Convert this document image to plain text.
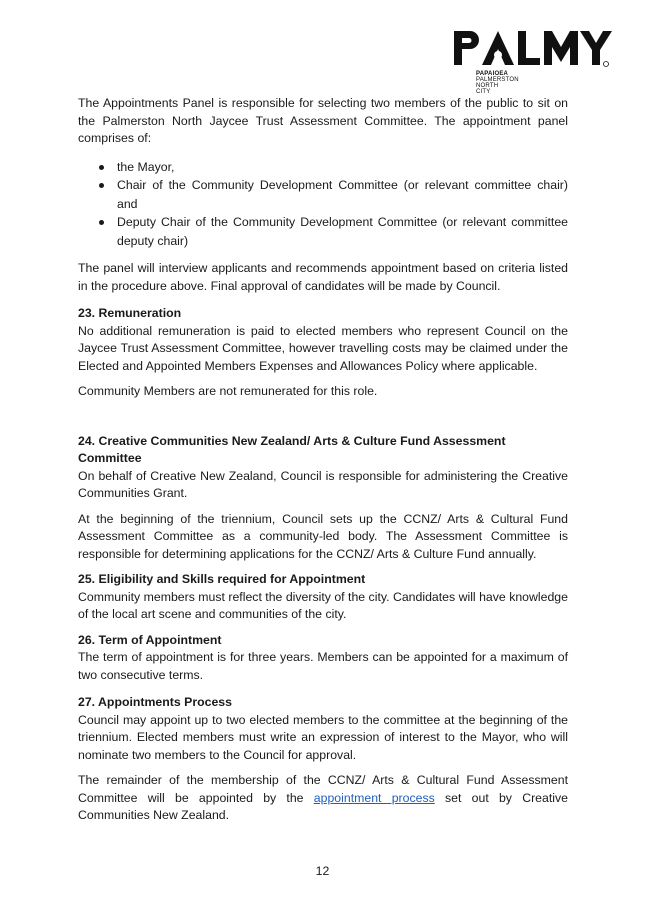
PAPAIOEA
PALMERSTON
NORTH
CITY

The Appointments Panel is responsible for selecting two members of the public to sit on the Palmerston North Jaycee Trust Assessment Committee. The appointment panel comprises of:

the Mayor,
Chair of the Community Development Committee (or relevant committee chair) and
Deputy Chair of the Community Development Committee (or relevant committee deputy chair)

The panel will interview applicants and recommends appointment based on criteria listed in the procedure above. Final approval of candidates will be made by Council.

23. Remuneration

No additional remuneration is paid to elected members who represent Council on the Jaycee Trust Assessment Committee, however travelling costs may be claimed under the Elected and Appointed Members Expenses and Allowances Policy where applicable.

Community Members are not remunerated for this role.

24. Creative Communities New Zealand/ Arts & Culture Fund Assessment Committee

On behalf of Creative New Zealand, Council is responsible for administering the Creative Communities Grant.

At the beginning of the triennium, Council sets up the CCNZ/ Arts & Cultural Fund Assessment Committee as a community-led body. The Assessment Committee is responsible for determining applications for the CCNZ/ Arts & Culture Fund annually.

25. Eligibility and Skills required for Appointment

Community members must reflect the diversity of the city. Candidates will have knowledge of the local art scene and communities of the city.

26. Term of Appointment

The term of appointment is for three years. Members can be appointed for a maximum of two consecutive terms.

27. Appointments Process

Council may appoint up to two elected members to the committee at the beginning of the triennium. Elected members must write an expression of interest to the Mayor, who will nominate two members to the Council for approval.

The remainder of the membership of the CCNZ/ Arts & Cultural Fund Assessment Committee will be appointed by the appointment process set out by Creative Communities New Zealand.

12
